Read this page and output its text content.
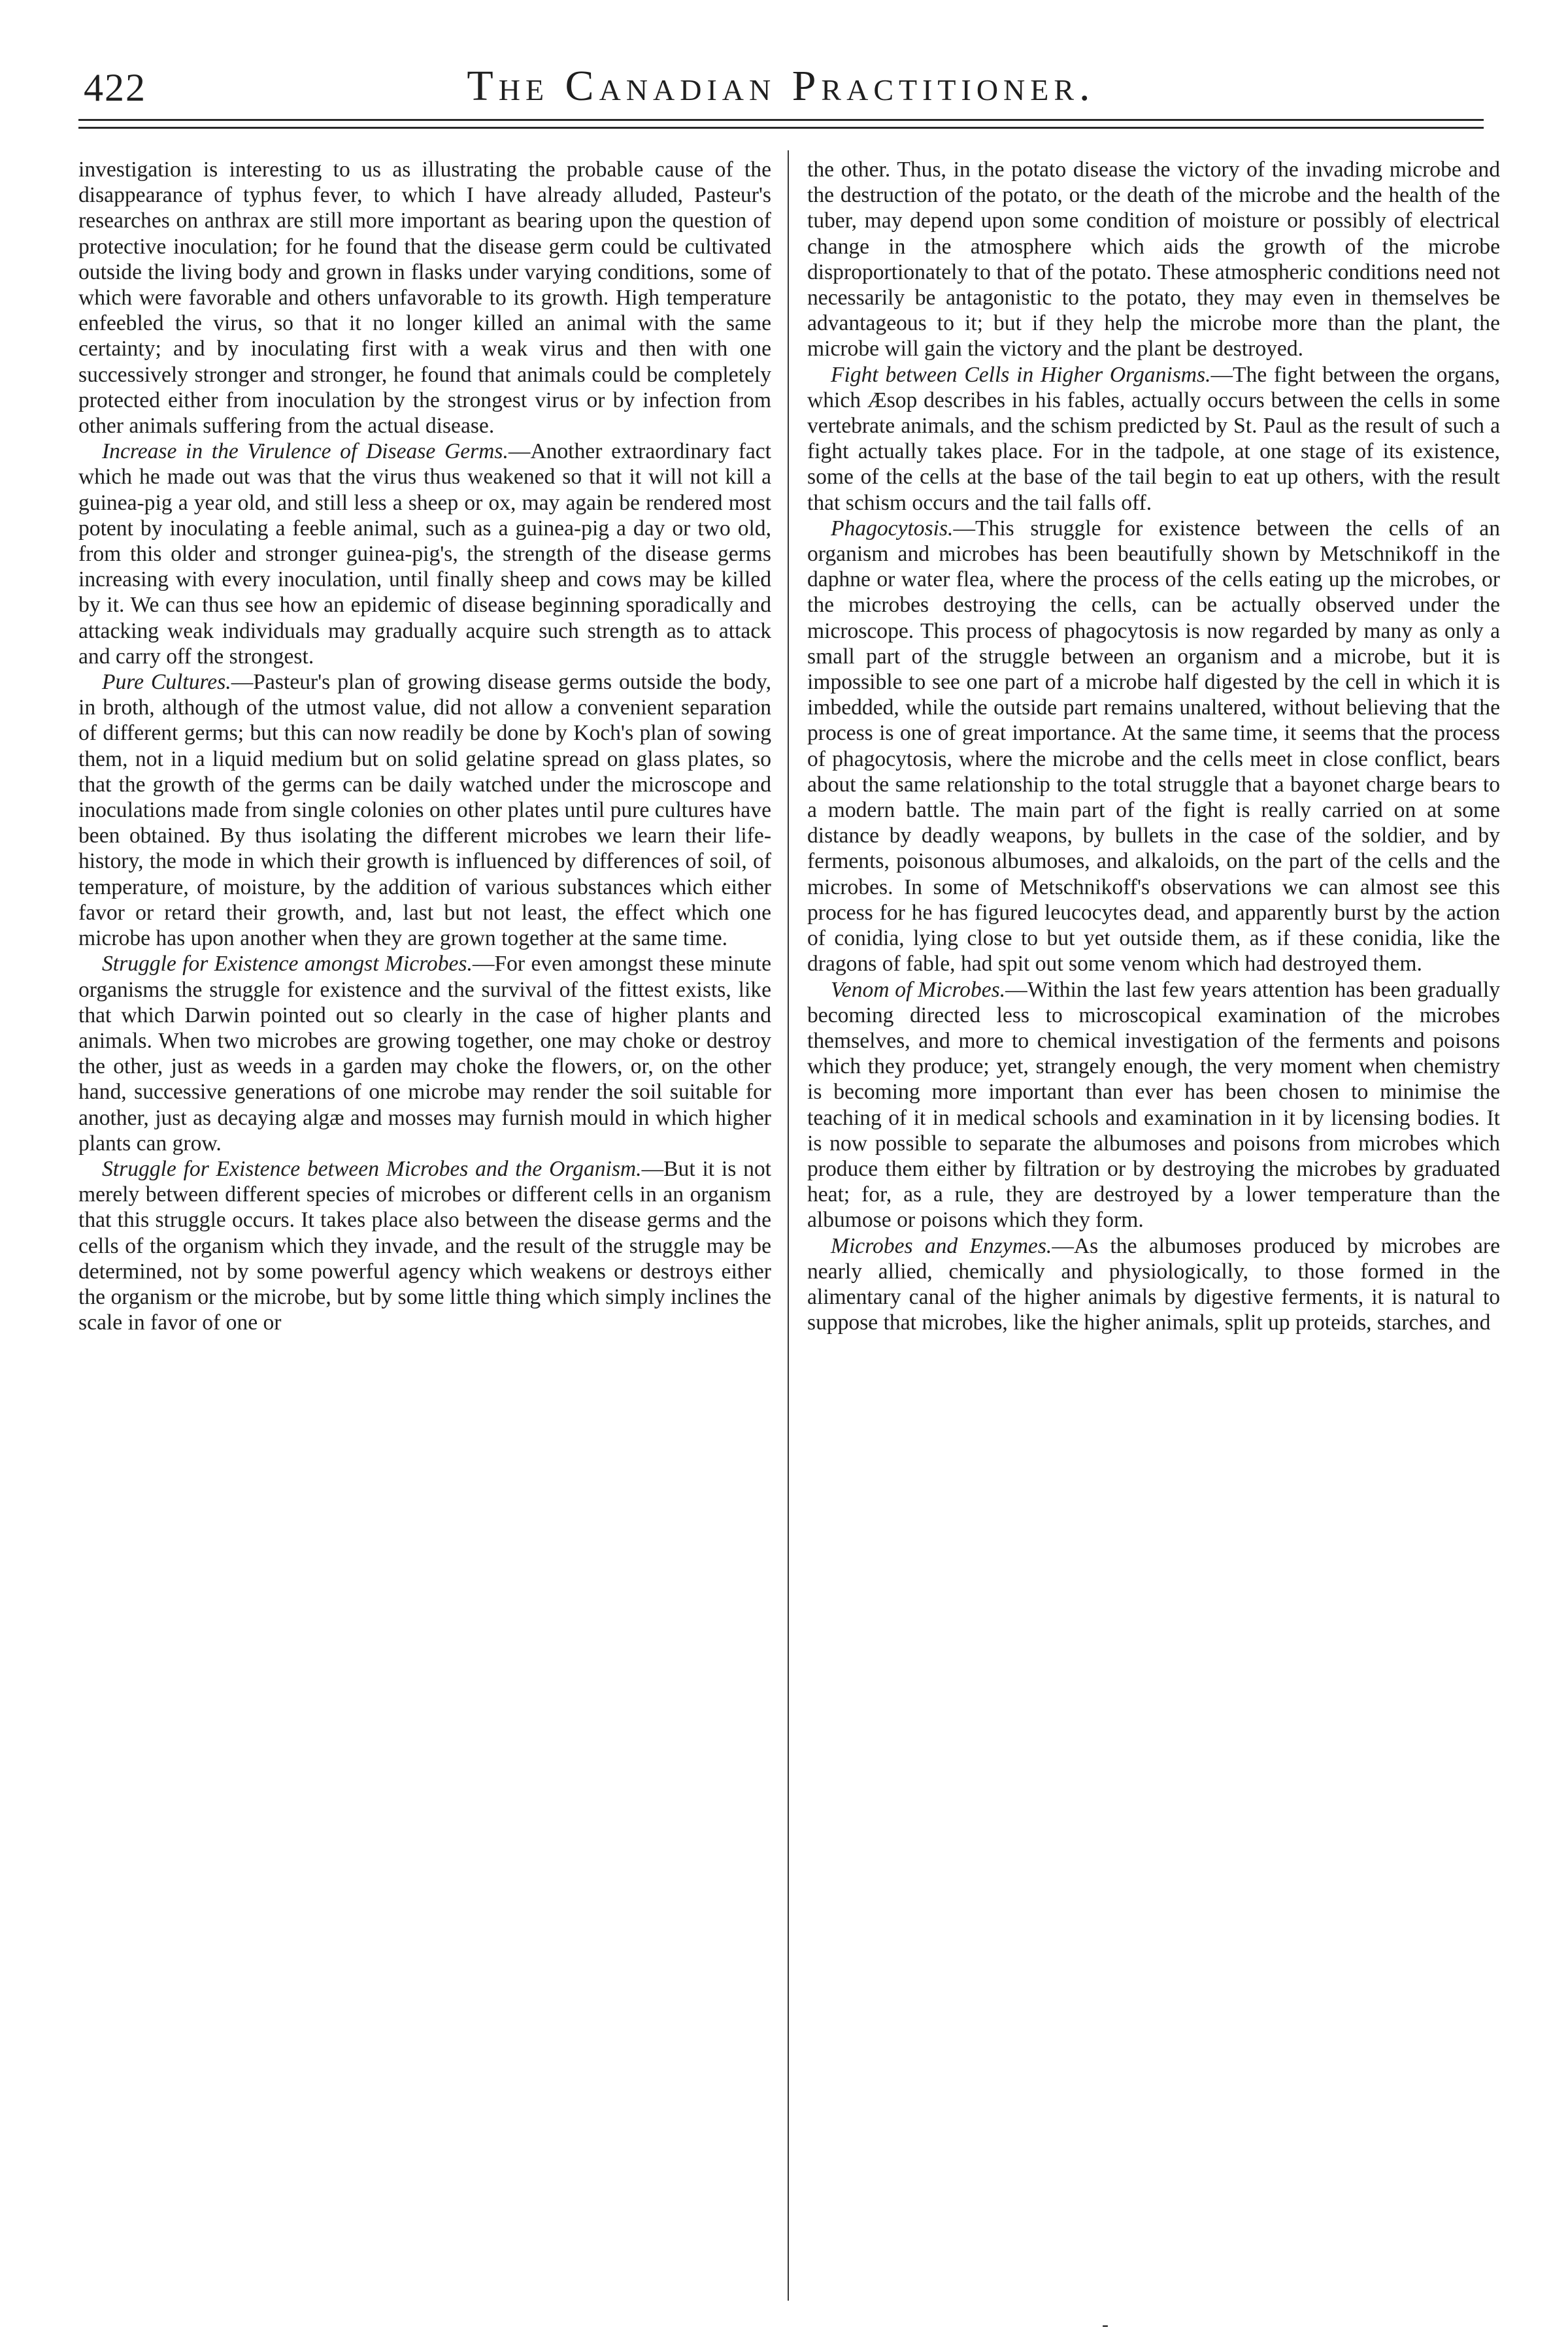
422	The Canadian Practitioner.

investigation is interesting to us as illustrating the probable cause of the disappearance of typhus fever, to which I have already alluded, Pasteur's researches on anthrax are still more important as bearing upon the question of protective inoculation; for he found that the disease germ could be cultivated outside the living body and grown in flasks under varying conditions, some of which were favorable and others unfavorable to its growth. High temperature enfeebled the virus, so that it no longer killed an animal with the same certainty; and by inoculating first with a weak virus and then with one successively stronger and stronger, he found that animals could be completely protected either from inoculation by the strongest virus or by infection from other animals suffering from the actual disease.

Increase in the Virulence of Disease Germs.—Another extraordinary fact which he made out was that the virus thus weakened so that it will not kill a guinea-pig a year old, and still less a sheep or ox, may again be rendered most potent by inoculating a feeble animal, such as a guinea-pig a day or two old, from this older and stronger guinea-pig's, the strength of the disease germs increasing with every inoculation, until finally sheep and cows may be killed by it. We can thus see how an epidemic of disease beginning sporadically and attacking weak individuals may gradually acquire such strength as to attack and carry off the strongest.

Pure Cultures.—Pasteur's plan of growing disease germs outside the body, in broth, although of the utmost value, did not allow a convenient separation of different germs; but this can now readily be done by Koch's plan of sowing them, not in a liquid medium but on solid gelatine spread on glass plates, so that the growth of the germs can be daily watched under the microscope and inoculations made from single colonies on other plates until pure cultures have been obtained. By thus isolating the different microbes we learn their life-history, the mode in which their growth is influenced by differences of soil, of temperature, of moisture, by the addition of various substances which either favor or retard their growth, and, last but not least, the effect which one microbe has upon another when they are grown together at the same time.

Struggle for Existence amongst Microbes.—For even amongst these minute organisms the struggle for existence and the survival of the fittest exists, like that which Darwin pointed out so clearly in the case of higher plants and animals. When two microbes are growing together, one may choke or destroy the other, just as weeds in a garden may choke the flowers, or, on the other hand, successive generations of one microbe may render the soil suitable for another, just as decaying algæ and mosses may furnish mould in which higher plants can grow.

Struggle for Existence between Microbes and the Organism.—But it is not merely between different species of microbes or different cells in an organism that this struggle occurs. It takes place also between the disease germs and the cells of the organism which they invade, and the result of the struggle may be determined, not by some powerful agency which weakens or destroys either the organism or the microbe, but by some little thing which simply inclines the scale in favor of one or

the other. Thus, in the potato disease the victory of the invading microbe and the destruction of the potato, or the death of the microbe and the health of the tuber, may depend upon some condition of moisture or possibly of electrical change in the atmosphere which aids the growth of the microbe disproportionately to that of the potato. These atmospheric conditions need not necessarily be antagonistic to the potato, they may even in themselves be advantageous to it; but if they help the microbe more than the plant, the microbe will gain the victory and the plant be destroyed.

Fight between Cells in Higher Organisms.—The fight between the organs, which Æsop describes in his fables, actually occurs between the cells in some vertebrate animals, and the schism predicted by St. Paul as the result of such a fight actually takes place. For in the tadpole, at one stage of its existence, some of the cells at the base of the tail begin to eat up others, with the result that schism occurs and the tail falls off.

Phagocytosis.—This struggle for existence between the cells of an organism and microbes has been beautifully shown by Metschnikoff in the daphne or water flea, where the process of the cells eating up the microbes, or the microbes destroying the cells, can be actually observed under the microscope. This process of phagocytosis is now regarded by many as only a small part of the struggle between an organism and a microbe, but it is impossible to see one part of a microbe half digested by the cell in which it is imbedded, while the outside part remains unaltered, without believing that the process is one of great importance. At the same time, it seems that the process of phagocytosis, where the microbe and the cells meet in close conflict, bears about the same relationship to the total struggle that a bayonet charge bears to a modern battle. The main part of the fight is really carried on at some distance by deadly weapons, by bullets in the case of the soldier, and by ferments, poisonous albumoses, and alkaloids, on the part of the cells and the microbes. In some of Metschnikoff's observations we can almost see this process for he has figured leucocytes dead, and apparently burst by the action of conidia, lying close to but yet outside them, as if these conidia, like the dragons of fable, had spit out some venom which had destroyed them.

Venom of Microbes.—Within the last few years attention has been gradually becoming directed less to microscopical examination of the microbes themselves, and more to chemical investigation of the ferments and poisons which they produce; yet, strangely enough, the very moment when chemistry is becoming more important than ever has been chosen to minimise the teaching of it in medical schools and examination in it by licensing bodies. It is now possible to separate the albumoses and poisons from microbes which produce them either by filtration or by destroying the microbes by graduated heat; for, as a rule, they are destroyed by a lower temperature than the albumose or poisons which they form.

Microbes and Enzymes.—As the albumoses produced by microbes are nearly allied, chemically and physiologically, to those formed in the alimentary canal of the higher animals by digestive ferments, it is natural to suppose that microbes, like the higher animals, split up proteids, starches, and

-
